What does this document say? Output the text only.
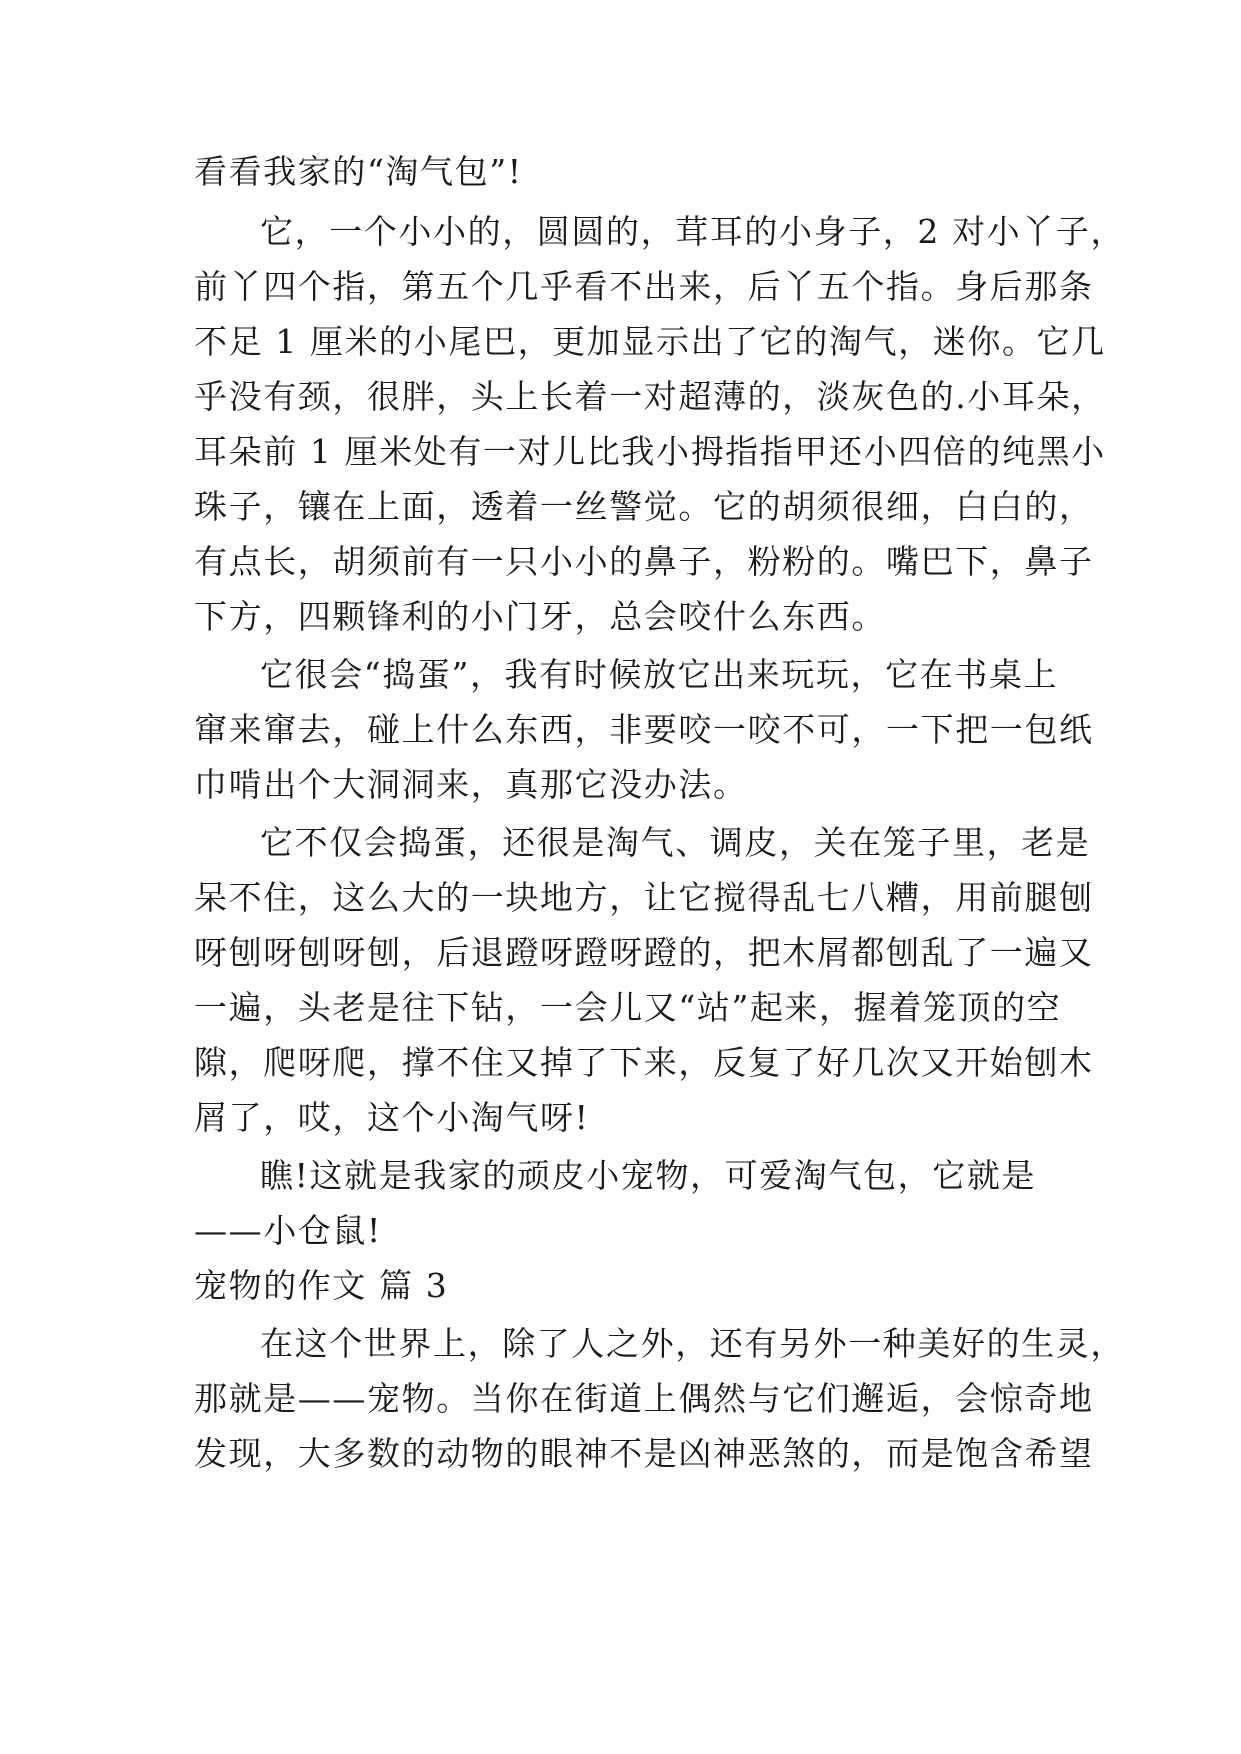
看看我家的“淘气包”!
它，一个小小的，圆圆的，茸耳的小身子，2 对小丫子，
前丫四个指，第五个几乎看不出来，后丫五个指。身后那条
不足 1 厘米的小尾巴，更加显示出了它的淘气，迷你。它几
乎没有颈，很胖，头上长着一对超薄的，淡灰色的.小耳朵，
耳朵前 1 厘米处有一对儿比我小拇指指甲还小四倍的纯黑小
珠子，镶在上面，透着一丝警觉。它的胡须很细，白白的，
有点长，胡须前有一只小小的鼻子，粉粉的。嘴巴下，鼻子
下方，四颗锋利的小门牙，总会咬什么东西。
它很会“捣蛋”，我有时候放它出来玩玩，它在书桌上
窜来窜去，碰上什么东西，非要咬一咬不可，一下把一包纸
巾啃出个大洞洞来，真那它没办法。
它不仅会捣蛋，还很是淘气、调皮，关在笼子里，老是
呆不住，这么大的一块地方，让它搅得乱七八糟，用前腿刨
呀刨呀刨呀刨，后退蹬呀蹬呀蹬的，把木屑都刨乱了一遍又
一遍，头老是往下钻，一会儿又“站”起来，握着笼顶的空
隙，爬呀爬，撑不住又掉了下来，反复了好几次又开始刨木
屑了，哎，这个小淘气呀!
瞧!这就是我家的顽皮小宠物，可爱淘气包，它就是
——小仓鼠!
宠物的作文 篇 3
在这个世界上，除了人之外，还有另外一种美好的生灵，
那就是——宠物。当你在街道上偶然与它们邂逅，会惊奇地
发现，大多数的动物的眼神不是凶神恶煞的，而是饱含希望
